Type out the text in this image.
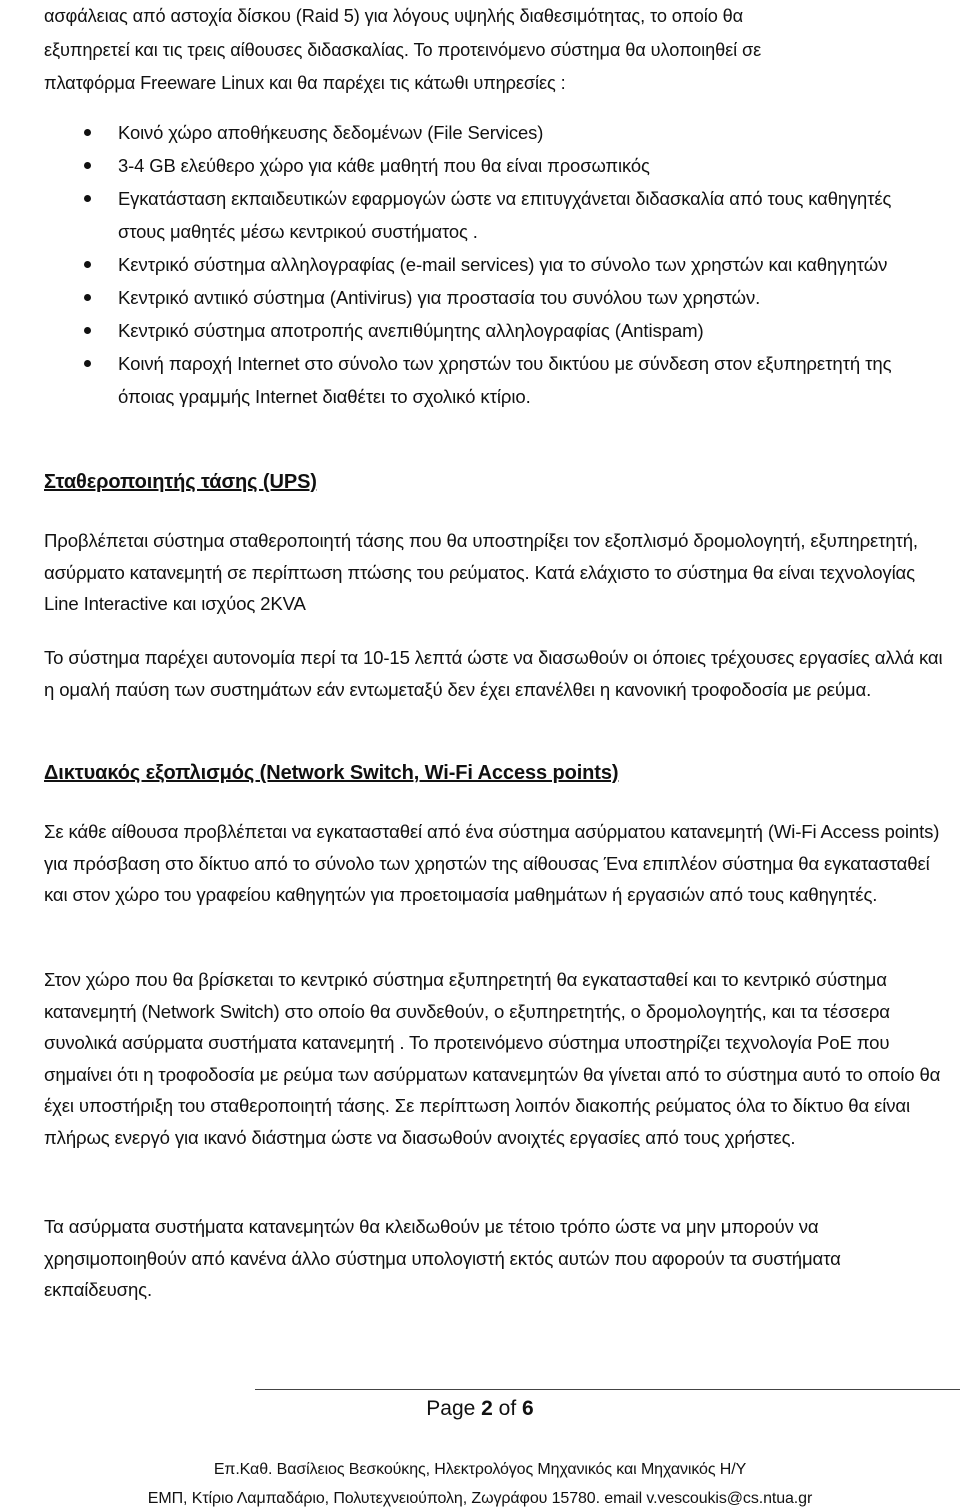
ασφάλειας από αστοχία δίσκου (Raid 5) για λόγους υψηλής διαθεσιμότητας, το οποίο θα

εξυπηρετεί και τις τρεις αίθουσες διδασκαλίας. Το προτεινόμενο σύστημα θα υλοποιηθεί σε

πλατφόρμα Freeware Linux και θα παρέχει τις κάτωθι υπηρεσίες :

Κοινό χώρο αποθήκευσης δεδομένων (File Services)
3-4 GB ελεύθερο χώρο για κάθε μαθητή που θα είναι προσωπικός
Εγκατάσταση εκπαιδευτικών εφαρμογών ώστε να επιτυγχάνεται διδασκαλία από τους καθηγητές στους μαθητές μέσω κεντρικού συστήματος .
Κεντρικό σύστημα αλληλογραφίας (e-mail services) για το σύνολο των χρηστών και καθηγητών
Κεντρικό αντιικό σύστημα (Antivirus) για προστασία του συνόλου των χρηστών.
Κεντρικό σύστημα αποτροπής ανεπιθύμητης αλληλογραφίας (Antispam)
Κοινή παροχή Internet στο σύνολο των χρηστών του δικτύου με σύνδεση στον εξυπηρετητή της όποιας γραμμής Internet διαθέτει το σχολικό κτίριο.
Σταθεροποιητής τάσης (UPS)

Προβλέπεται σύστημα σταθεροποιητή τάσης που θα υποστηρίξει τον εξοπλισμό δρομολογητή, εξυπηρετητή, ασύρματο κατανεμητή σε περίπτωση πτώσης του ρεύματος. Κατά ελάχιστο το σύστημα θα είναι τεχνολογίας Line Interactive και ισχύος 2KVA

Το σύστημα παρέχει αυτονομία περί τα 10-15 λεπτά ώστε να διασωθούν οι όποιες τρέχουσες εργασίες αλλά και η ομαλή παύση των συστημάτων εάν εντωμεταξύ δεν έχει επανέλθει η κανονική τροφοδοσία με ρεύμα.

Δικτυακός εξοπλισμός (Network Switch, Wi-Fi Access points)

Σε κάθε αίθουσα προβλέπεται να εγκατασταθεί από ένα σύστημα ασύρματου κατανεμητή (Wi-Fi Access points) για πρόσβαση στο δίκτυο από το σύνολο των χρηστών της αίθουσας Ένα επιπλέον σύστημα θα εγκατασταθεί και στον χώρο του γραφείου καθηγητών για προετοιμασία μαθημάτων ή εργασιών από τους καθηγητές.

Στον χώρο που θα βρίσκεται το κεντρικό σύστημα εξυπηρετητή θα εγκατασταθεί και το κεντρικό σύστημα κατανεμητή (Network Switch) στο οποίο θα συνδεθούν, ο εξυπηρετητής, ο δρομολογητής, και τα τέσσερα συνολικά ασύρματα συστήματα κατανεμητή . Το προτεινόμενο σύστημα υποστηρίζει τεχνολογία PoE που σημαίνει ότι η τροφοδοσία με ρεύμα των ασύρματων κατανεμητών θα γίνεται από το σύστημα αυτό το οποίο θα έχει υποστήριξη του σταθεροποιητή τάσης. Σε περίπτωση λοιπόν διακοπής ρεύματος όλα το δίκτυο θα είναι πλήρως ενεργό για ικανό διάστημα ώστε να διασωθούν ανοιχτές εργασίες από τους χρήστες.

Τα ασύρματα συστήματα κατανεμητών θα κλειδωθούν με τέτοιο τρόπο ώστε να μην μπορούν να χρησιμοποιηθούν από κανένα άλλο σύστημα υπολογιστή εκτός αυτών που αφορούν τα συστήματα εκπαίδευσης.

Page 2 of 6
Επ.Καθ. Βασίλειος Βεσκούκης, Ηλεκτρολόγος Μηχανικός και Μηχανικός Η/Υ
ΕΜΠ, Κτίριο Λαμπαδάριο, Πολυτεχνειούπολη, Ζωγράφου 15780. email v.vescoukis@cs.ntua.gr
